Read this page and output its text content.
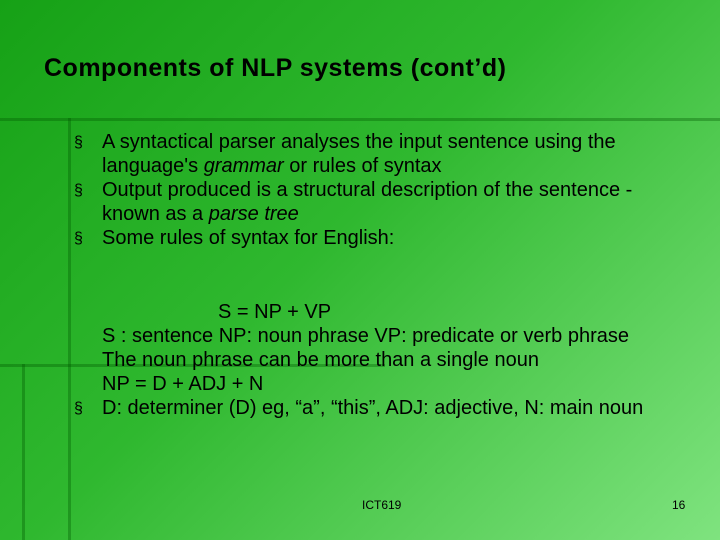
Components of NLP systems (cont’d)
§ A syntactical parser analyses the input sentence using the language's grammar or rules of syntax
§ Output produced is a structural description of the sentence - known as a parse tree
§ Some rules of syntax for English:
S = NP + VP
S : sentence NP: noun phrase VP: predicate or verb phrase
The noun phrase can be more than a single noun
NP = D + ADJ + N
§ D: determiner (D) eg, “a”, “this”, ADJ: adjective, N: main noun
ICT619	16
